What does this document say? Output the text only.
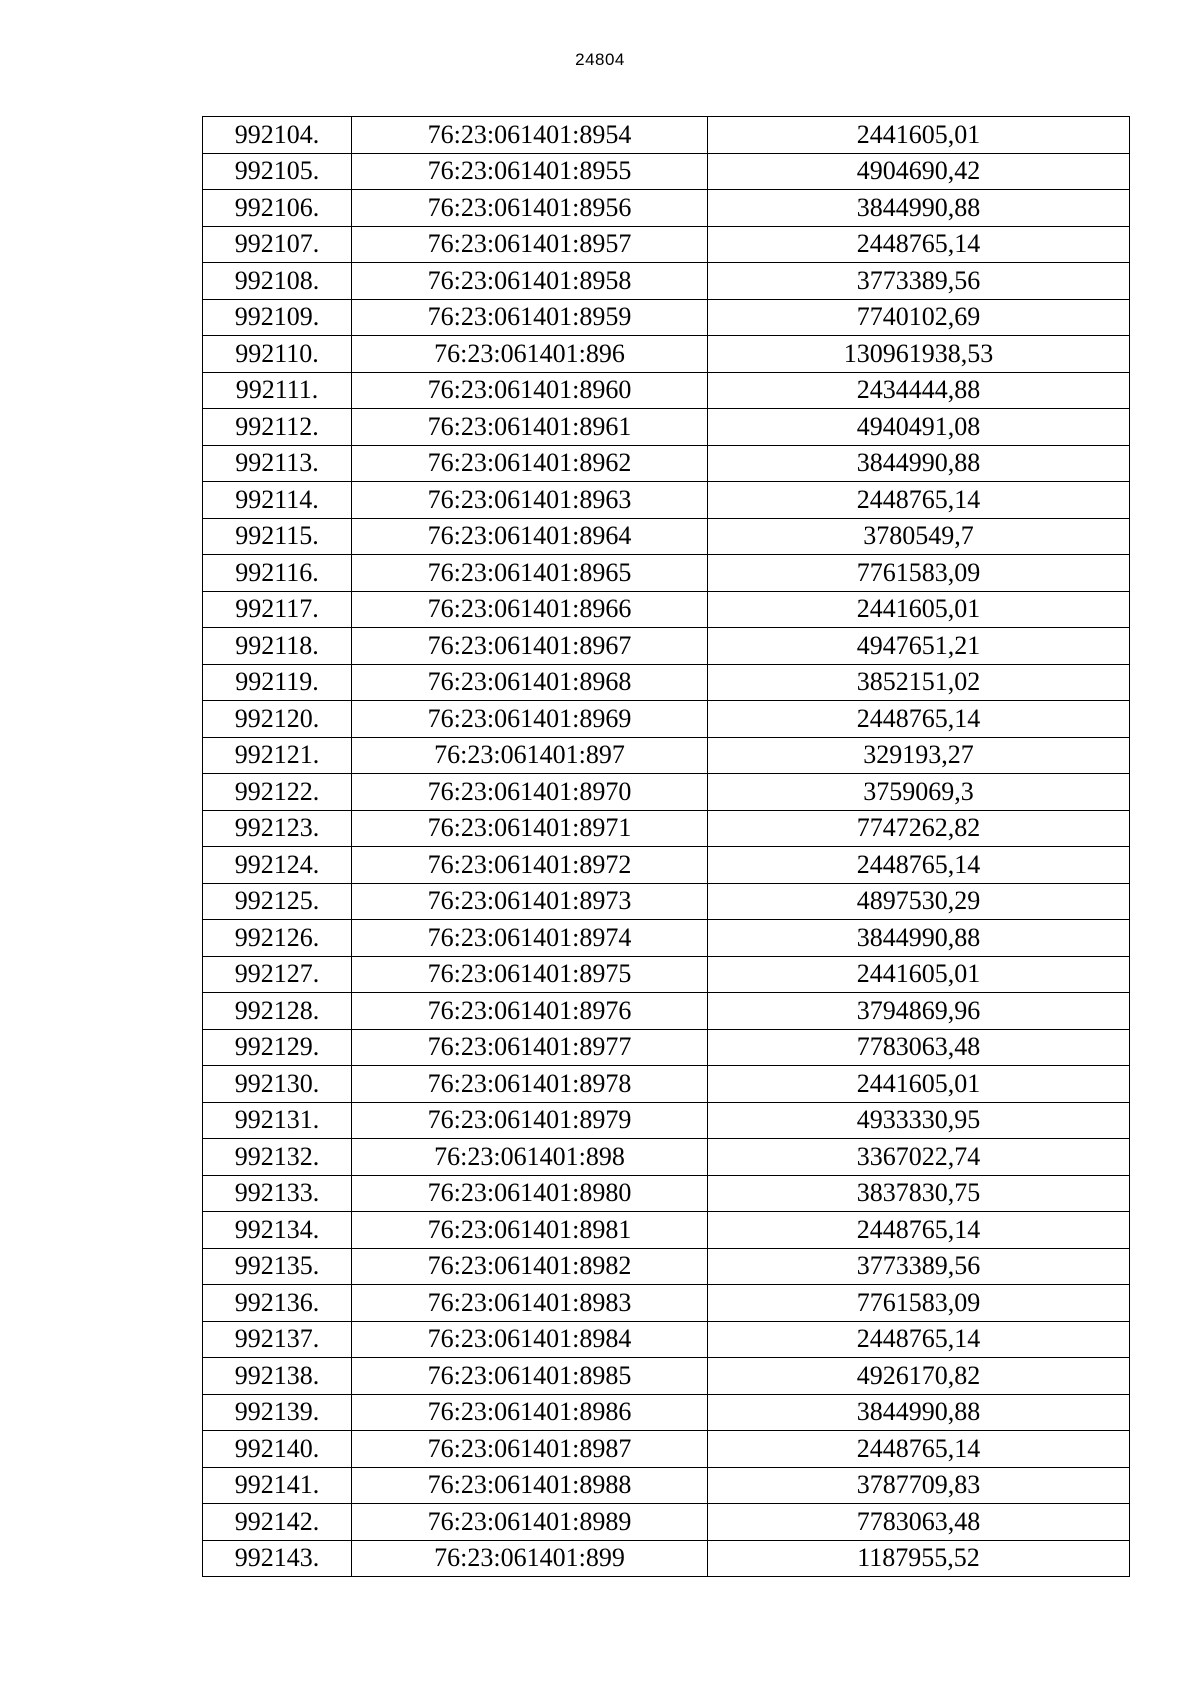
24804
992104.	76:23:061401:8954	2441605,01
992105.	76:23:061401:8955	4904690,42
992106.	76:23:061401:8956	3844990,88
992107.	76:23:061401:8957	2448765,14
992108.	76:23:061401:8958	3773389,56
992109.	76:23:061401:8959	7740102,69
992110.	76:23:061401:896	130961938,53
992111.	76:23:061401:8960	2434444,88
992112.	76:23:061401:8961	4940491,08
992113.	76:23:061401:8962	3844990,88
992114.	76:23:061401:8963	2448765,14
992115.	76:23:061401:8964	3780549,7
992116.	76:23:061401:8965	7761583,09
992117.	76:23:061401:8966	2441605,01
992118.	76:23:061401:8967	4947651,21
992119.	76:23:061401:8968	3852151,02
992120.	76:23:061401:8969	2448765,14
992121.	76:23:061401:897	329193,27
992122.	76:23:061401:8970	3759069,3
992123.	76:23:061401:8971	7747262,82
992124.	76:23:061401:8972	2448765,14
992125.	76:23:061401:8973	4897530,29
992126.	76:23:061401:8974	3844990,88
992127.	76:23:061401:8975	2441605,01
992128.	76:23:061401:8976	3794869,96
992129.	76:23:061401:8977	7783063,48
992130.	76:23:061401:8978	2441605,01
992131.	76:23:061401:8979	4933330,95
992132.	76:23:061401:898	3367022,74
992133.	76:23:061401:8980	3837830,75
992134.	76:23:061401:8981	2448765,14
992135.	76:23:061401:8982	3773389,56
992136.	76:23:061401:8983	7761583,09
992137.	76:23:061401:8984	2448765,14
992138.	76:23:061401:8985	4926170,82
992139.	76:23:061401:8986	3844990,88
992140.	76:23:061401:8987	2448765,14
992141.	76:23:061401:8988	3787709,83
992142.	76:23:061401:8989	7783063,48
992143.	76:23:061401:899	1187955,52
